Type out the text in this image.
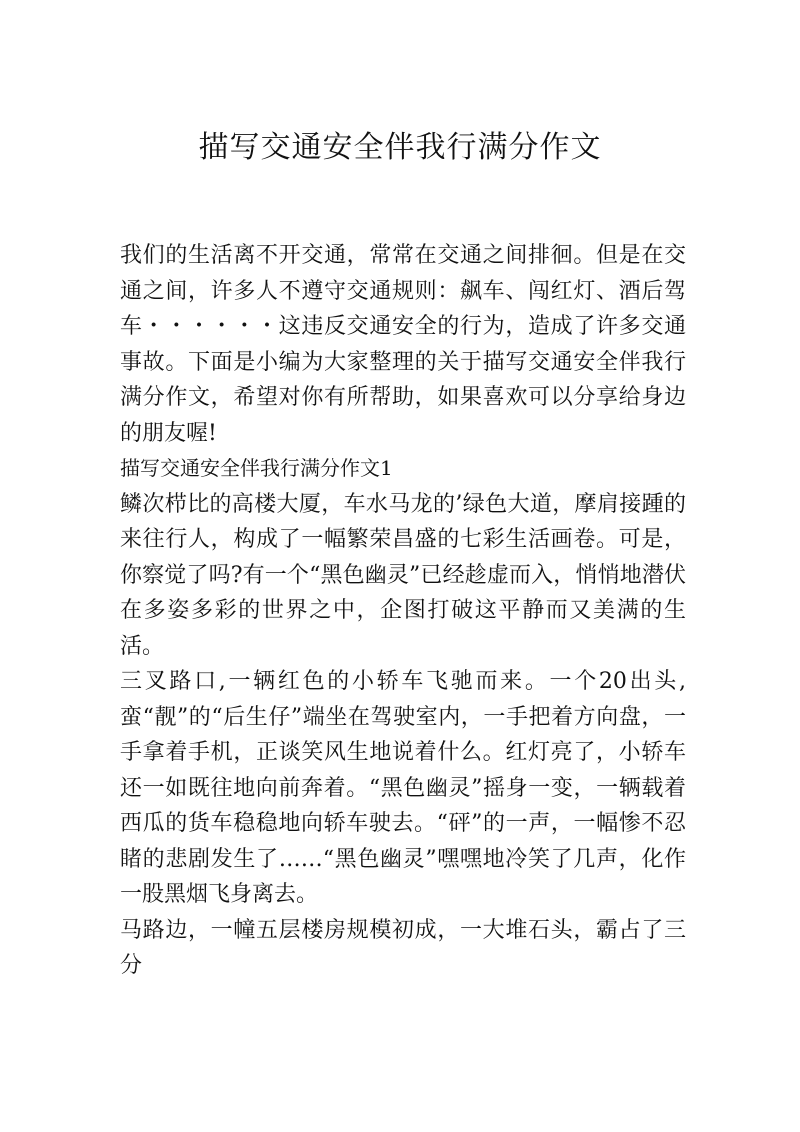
描写交通安全伴我行满分作文

我们的生活离不开交通，常常在交通之间排徊。但是在交通之间，许多人不遵守交通规则：飙车、闯红灯、酒后驾车・・・・・・这违反交通安全的行为，造成了许多交通事故。下面是小编为大家整理的关于描写交通安全伴我行满分作文，希望对你有所帮助，如果喜欢可以分享给身边的朋友喔!

描写交通安全伴我行满分作文1

鳞次栉比的高楼大厦，车水马龙的’绿色大道，摩肩接踵的来往行人，构成了一幅繁荣昌盛的七彩生活画卷。可是，你察觉了吗?有一个“黑色幽灵”已经趁虚而入，悄悄地潜伏在多姿多彩的世界之中，企图打破这平静而又美满的生活。

三叉路口,一辆红色的小轿车飞驰而来。一个20出头,蛮“靓”的“后生仔”端坐在驾驶室内，一手把着方向盘，一手拿着手机，正谈笑风生地说着什么。红灯亮了，小轿车还一如既往地向前奔着。“黑色幽灵”摇身一变，一辆载着西瓜的货车稳稳地向轿车驶去。“砰”的一声，一幅惨不忍睹的悲剧发生了……“黑色幽灵”嘿嘿地冷笑了几声，化作一股黑烟飞身离去。

马路边，一幢五层楼房规模初成，一大堆石头，霸占了三分
